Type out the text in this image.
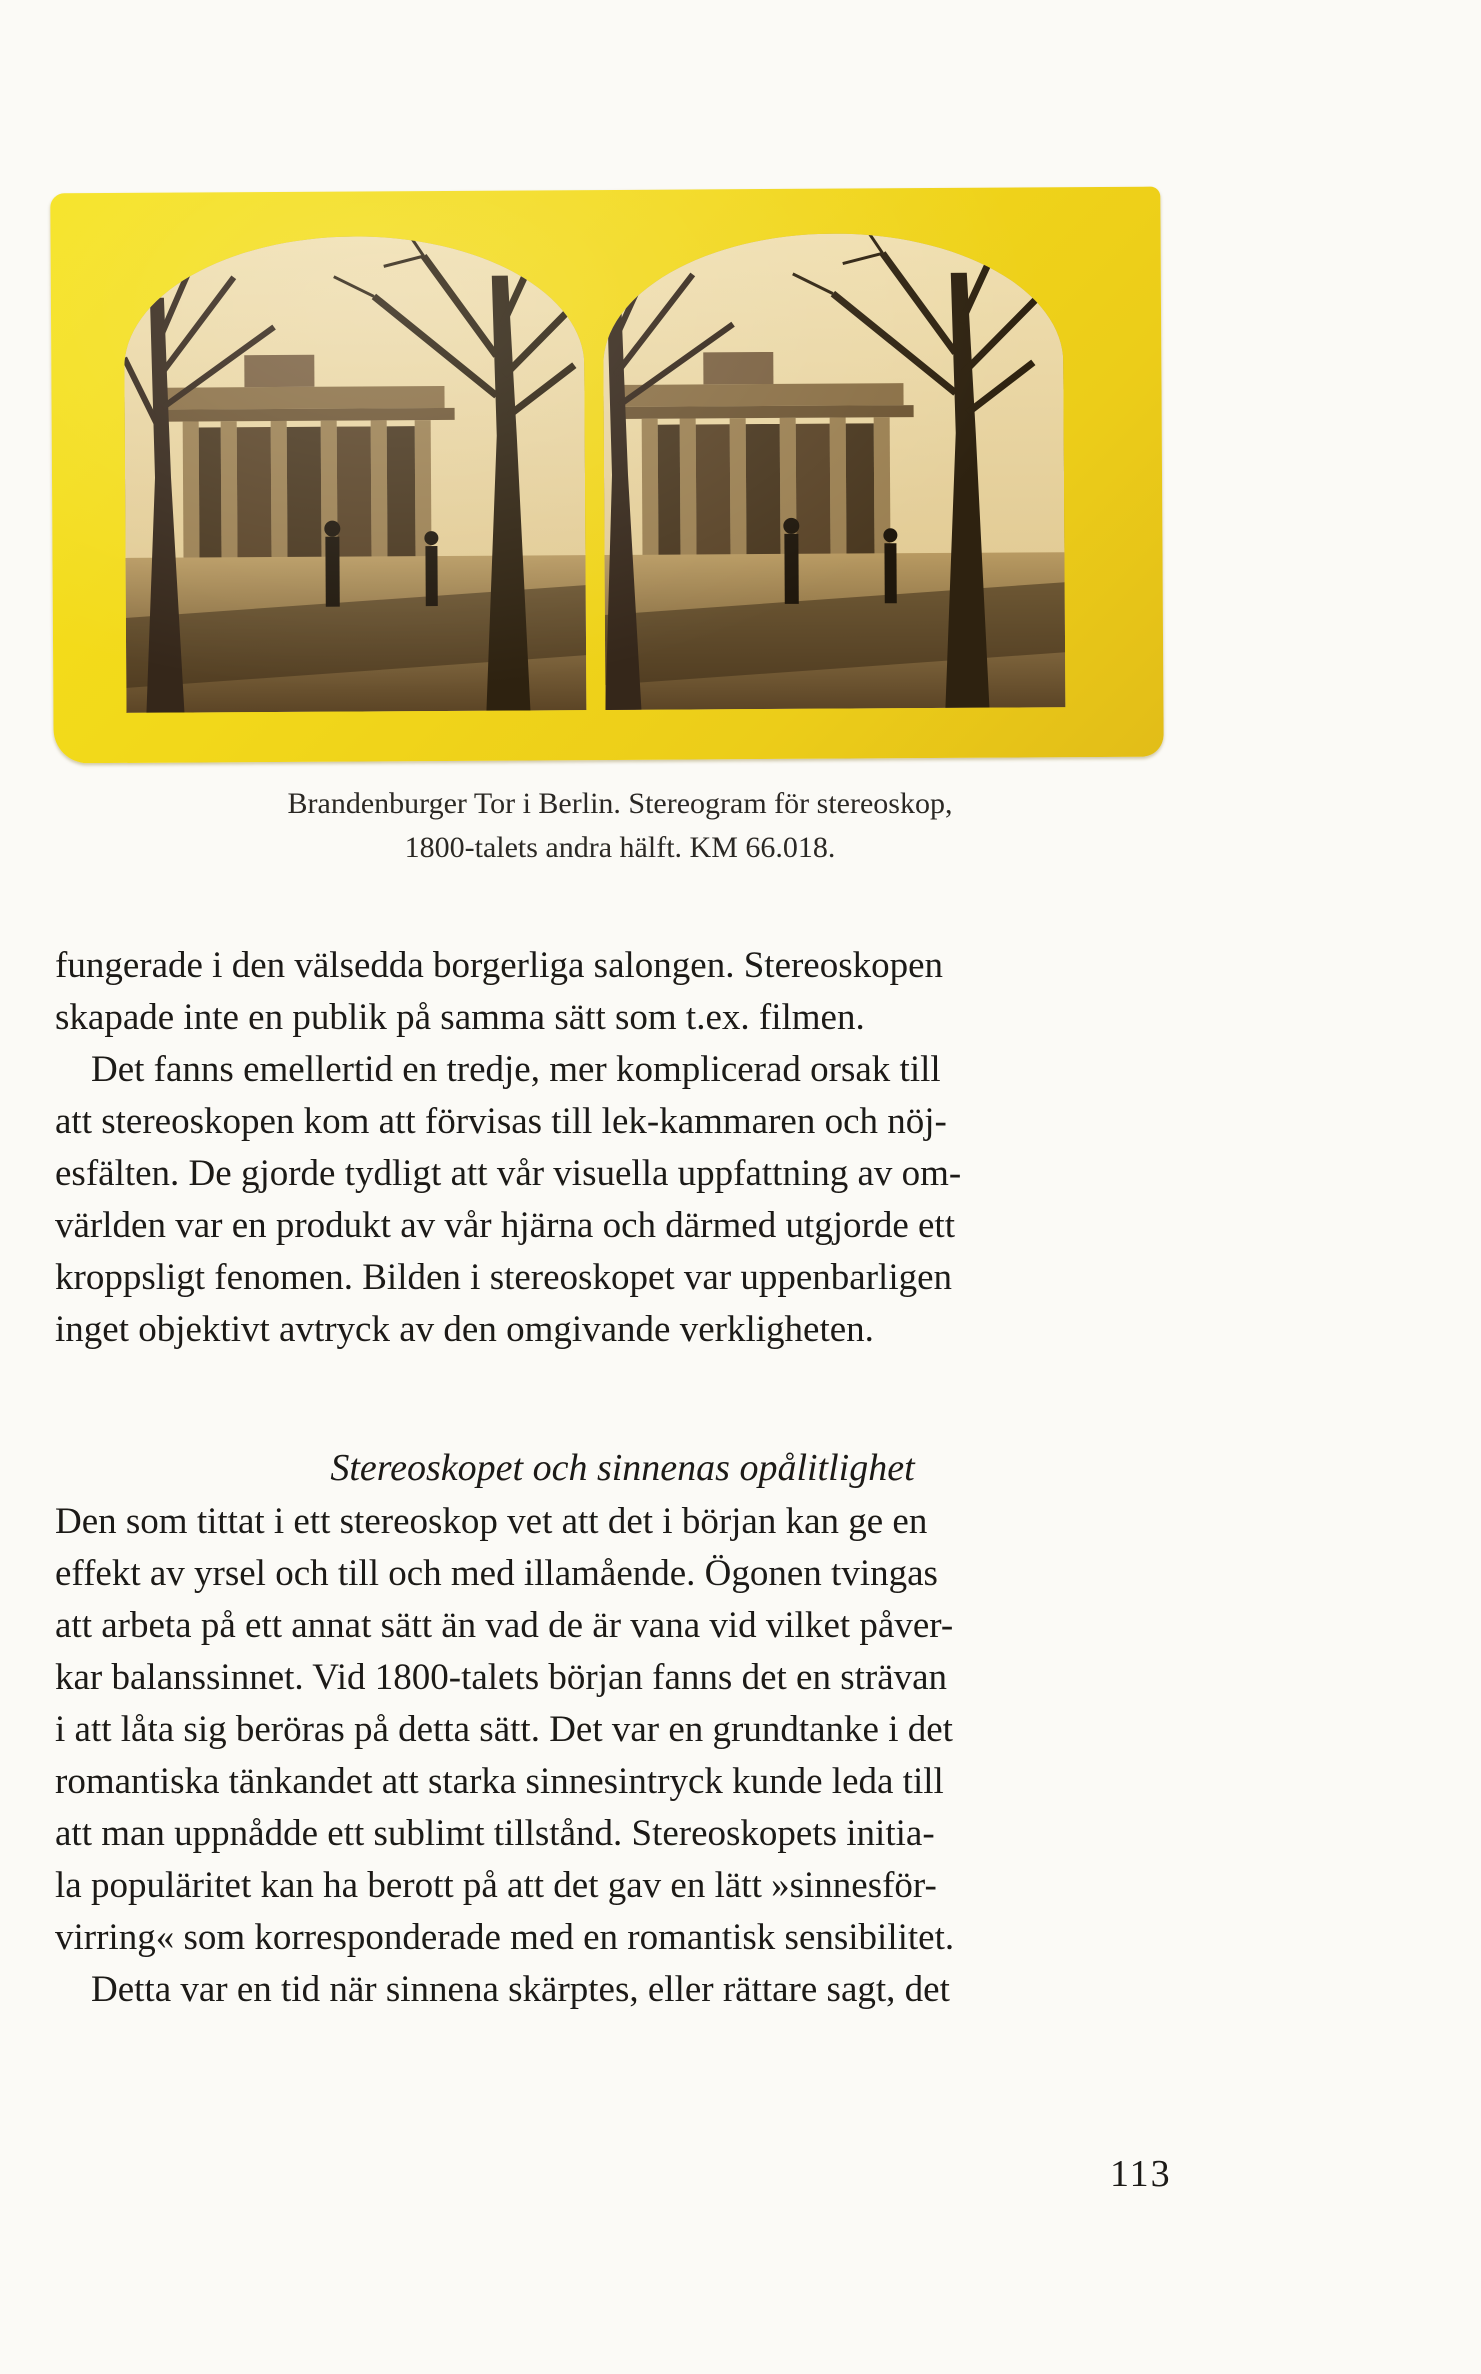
Brandenburger Tor i Berlin. Stereogram för stereoskop,
1800-talets andra hälft. KM 66.018.
fungerade i den välsedda borgerliga salongen. Stereoskopen
skapade inte en publik på samma sätt som t.ex. filmen.
Det fanns emellertid en tredje, mer komplicerad orsak till
att stereoskopen kom att förvisas till lek-kammaren och nöj-
esfälten. De gjorde tydligt att vår visuella uppfattning av om-
världen var en produkt av vår hjärna och därmed utgjorde ett
kroppsligt fenomen. Bilden i stereoskopet var uppenbarligen
inget objektivt avtryck av den omgivande verkligheten.
Stereoskopet och sinnenas opålitlighet
Den som tittat i ett stereoskop vet att det i början kan ge en
effekt av yrsel och till och med illamående. Ögonen tvingas
att arbeta på ett annat sätt än vad de är vana vid vilket påver-
kar balanssinnet. Vid 1800-talets början fanns det en strävan
i att låta sig beröras på detta sätt. Det var en grundtanke i det
romantiska tänkandet att starka sinnesintryck kunde leda till
att man uppnådde ett sublimt tillstånd. Stereoskopets initia-
la populäritet kan ha berott på att det gav en lätt »sinnesför-
virring« som korresponderade med en romantisk sensibilitet.
Detta var en tid när sinnena skärptes, eller rättare sagt, det
113
